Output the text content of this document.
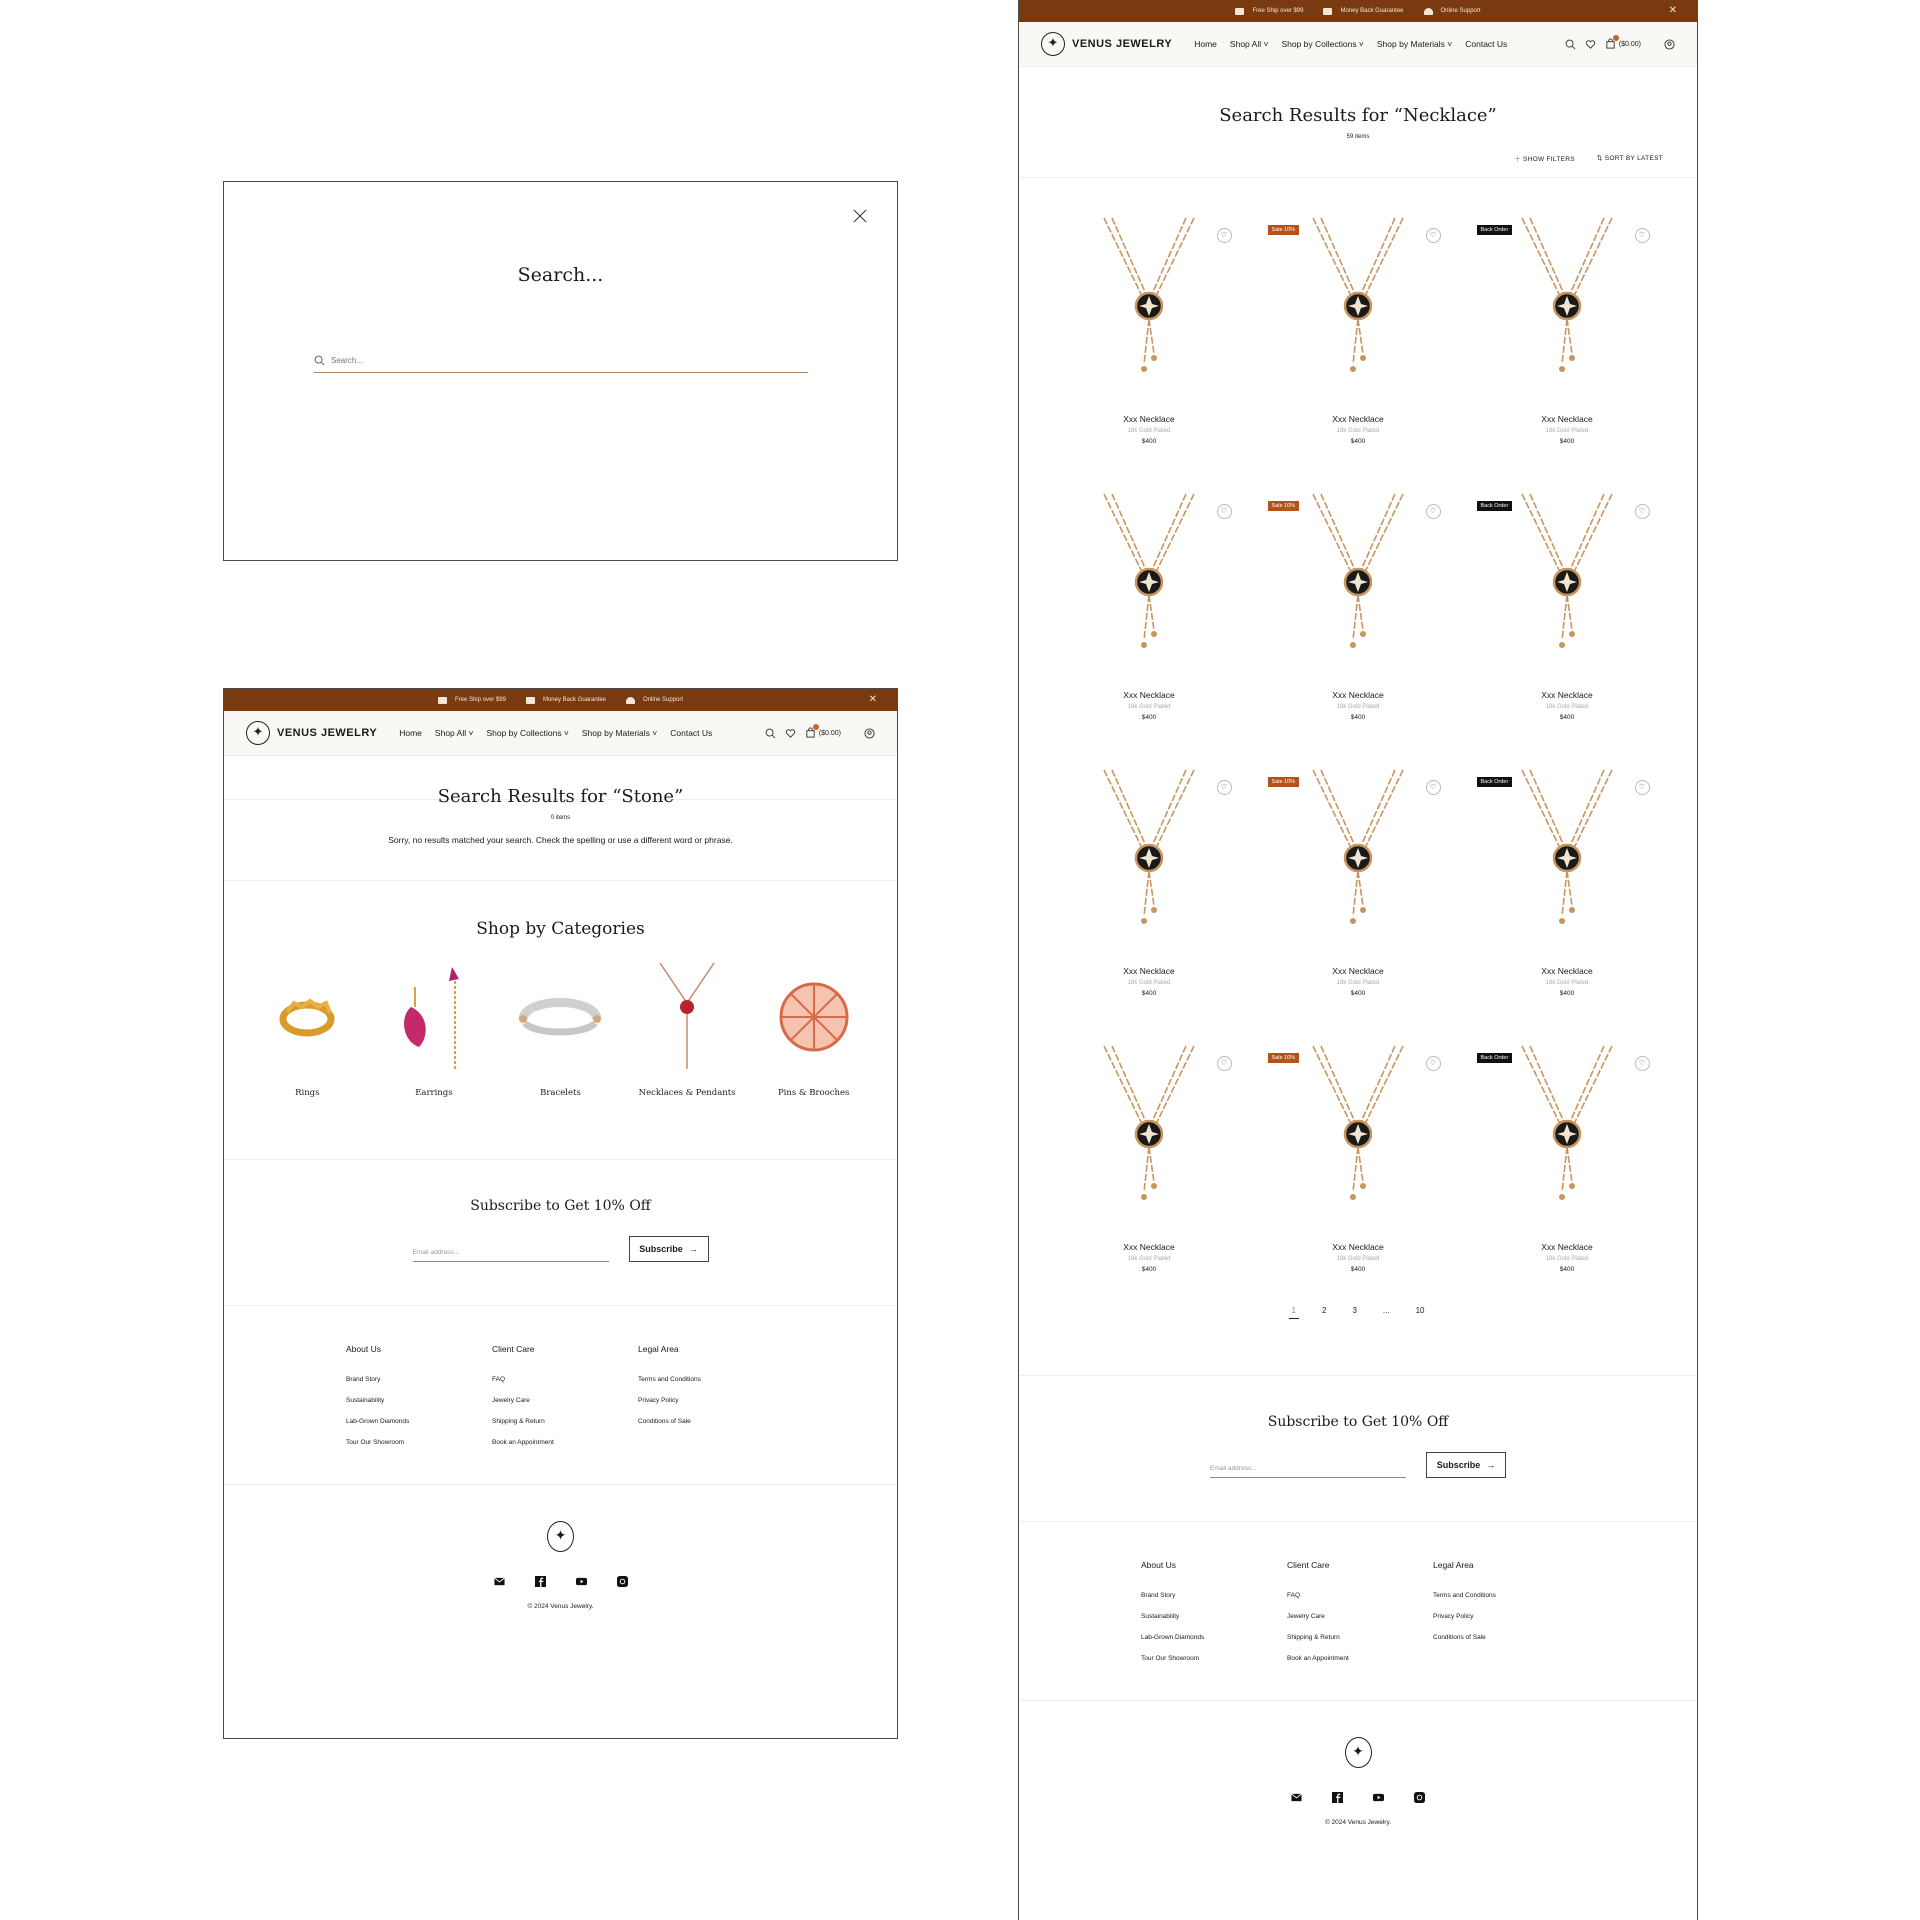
Search...
Search...
Free Ship over $99	Money Back Guarantee	Online Support	✕
✦
VENUS JEWELRY	Home Shop All ˅ Shop by Collections ˅ Shop by Materials ˅ Contact Us	($0.00)
Search Results for “Stone”
0 items
Sorry, no results matched your search. Check the spelling or use a different word or phrase.
Shop by Categories
Rings	Earrings	Bracelets	Necklaces & Pendants	Pins & Brooches
Subscribe to Get 10% Off
Email address...	Subscribe →
About Us
Brand Story
Sustainability
Lab-Grown Diamonds
Tour Our Showroom
Client Care
FAQ
Jewelry Care
Shipping & Return
Book an Appointment
Legal Area
Terms and Conditions
Privacy Policy
Conditions of Sale
✦
© 2024 Venus Jewelry.
Free Ship over $99	Money Back Guarantee	Online Support	✕
✦
VENUS JEWELRY	Home Shop All ˅ Shop by Collections ˅ Shop by Materials ˅ Contact Us	($0.00)
Search Results for “Necklace”
59 items
＋ SHOW FILTERS	⇅ SORT BY LATEST
♡
Xxx Necklace
18k Gold Plated
$400
Sale 10%
♡
Xxx Necklace
18k Gold Plated
$400
Back Order
♡
Xxx Necklace
18k Gold Plated
$400
♡
Xxx Necklace
18k Gold Plated
$400
Sale 10%
♡
Xxx Necklace
18k Gold Plated
$400
Back Order
♡
Xxx Necklace
18k Gold Plated
$400
♡
Xxx Necklace
18k Gold Plated
$400
Sale 10%
♡
Xxx Necklace
18k Gold Plated
$400
Back Order
♡
Xxx Necklace
18k Gold Plated
$400
♡
Xxx Necklace
18k Gold Plated
$400
Sale 10%
♡
Xxx Necklace
18k Gold Plated
$400
Back Order
♡
Xxx Necklace
18k Gold Plated
$400
1	2	3	...	10
Subscribe to Get 10% Off
Email address...	Subscribe →
About Us
Brand Story
Sustainability
Lab-Grown Diamonds
Tour Our Showroom
Client Care
FAQ
Jewelry Care
Shipping & Return
Book an Appointment
Legal Area
Terms and Conditions
Privacy Policy
Conditions of Sale
✦
© 2024 Venus Jewelry.
